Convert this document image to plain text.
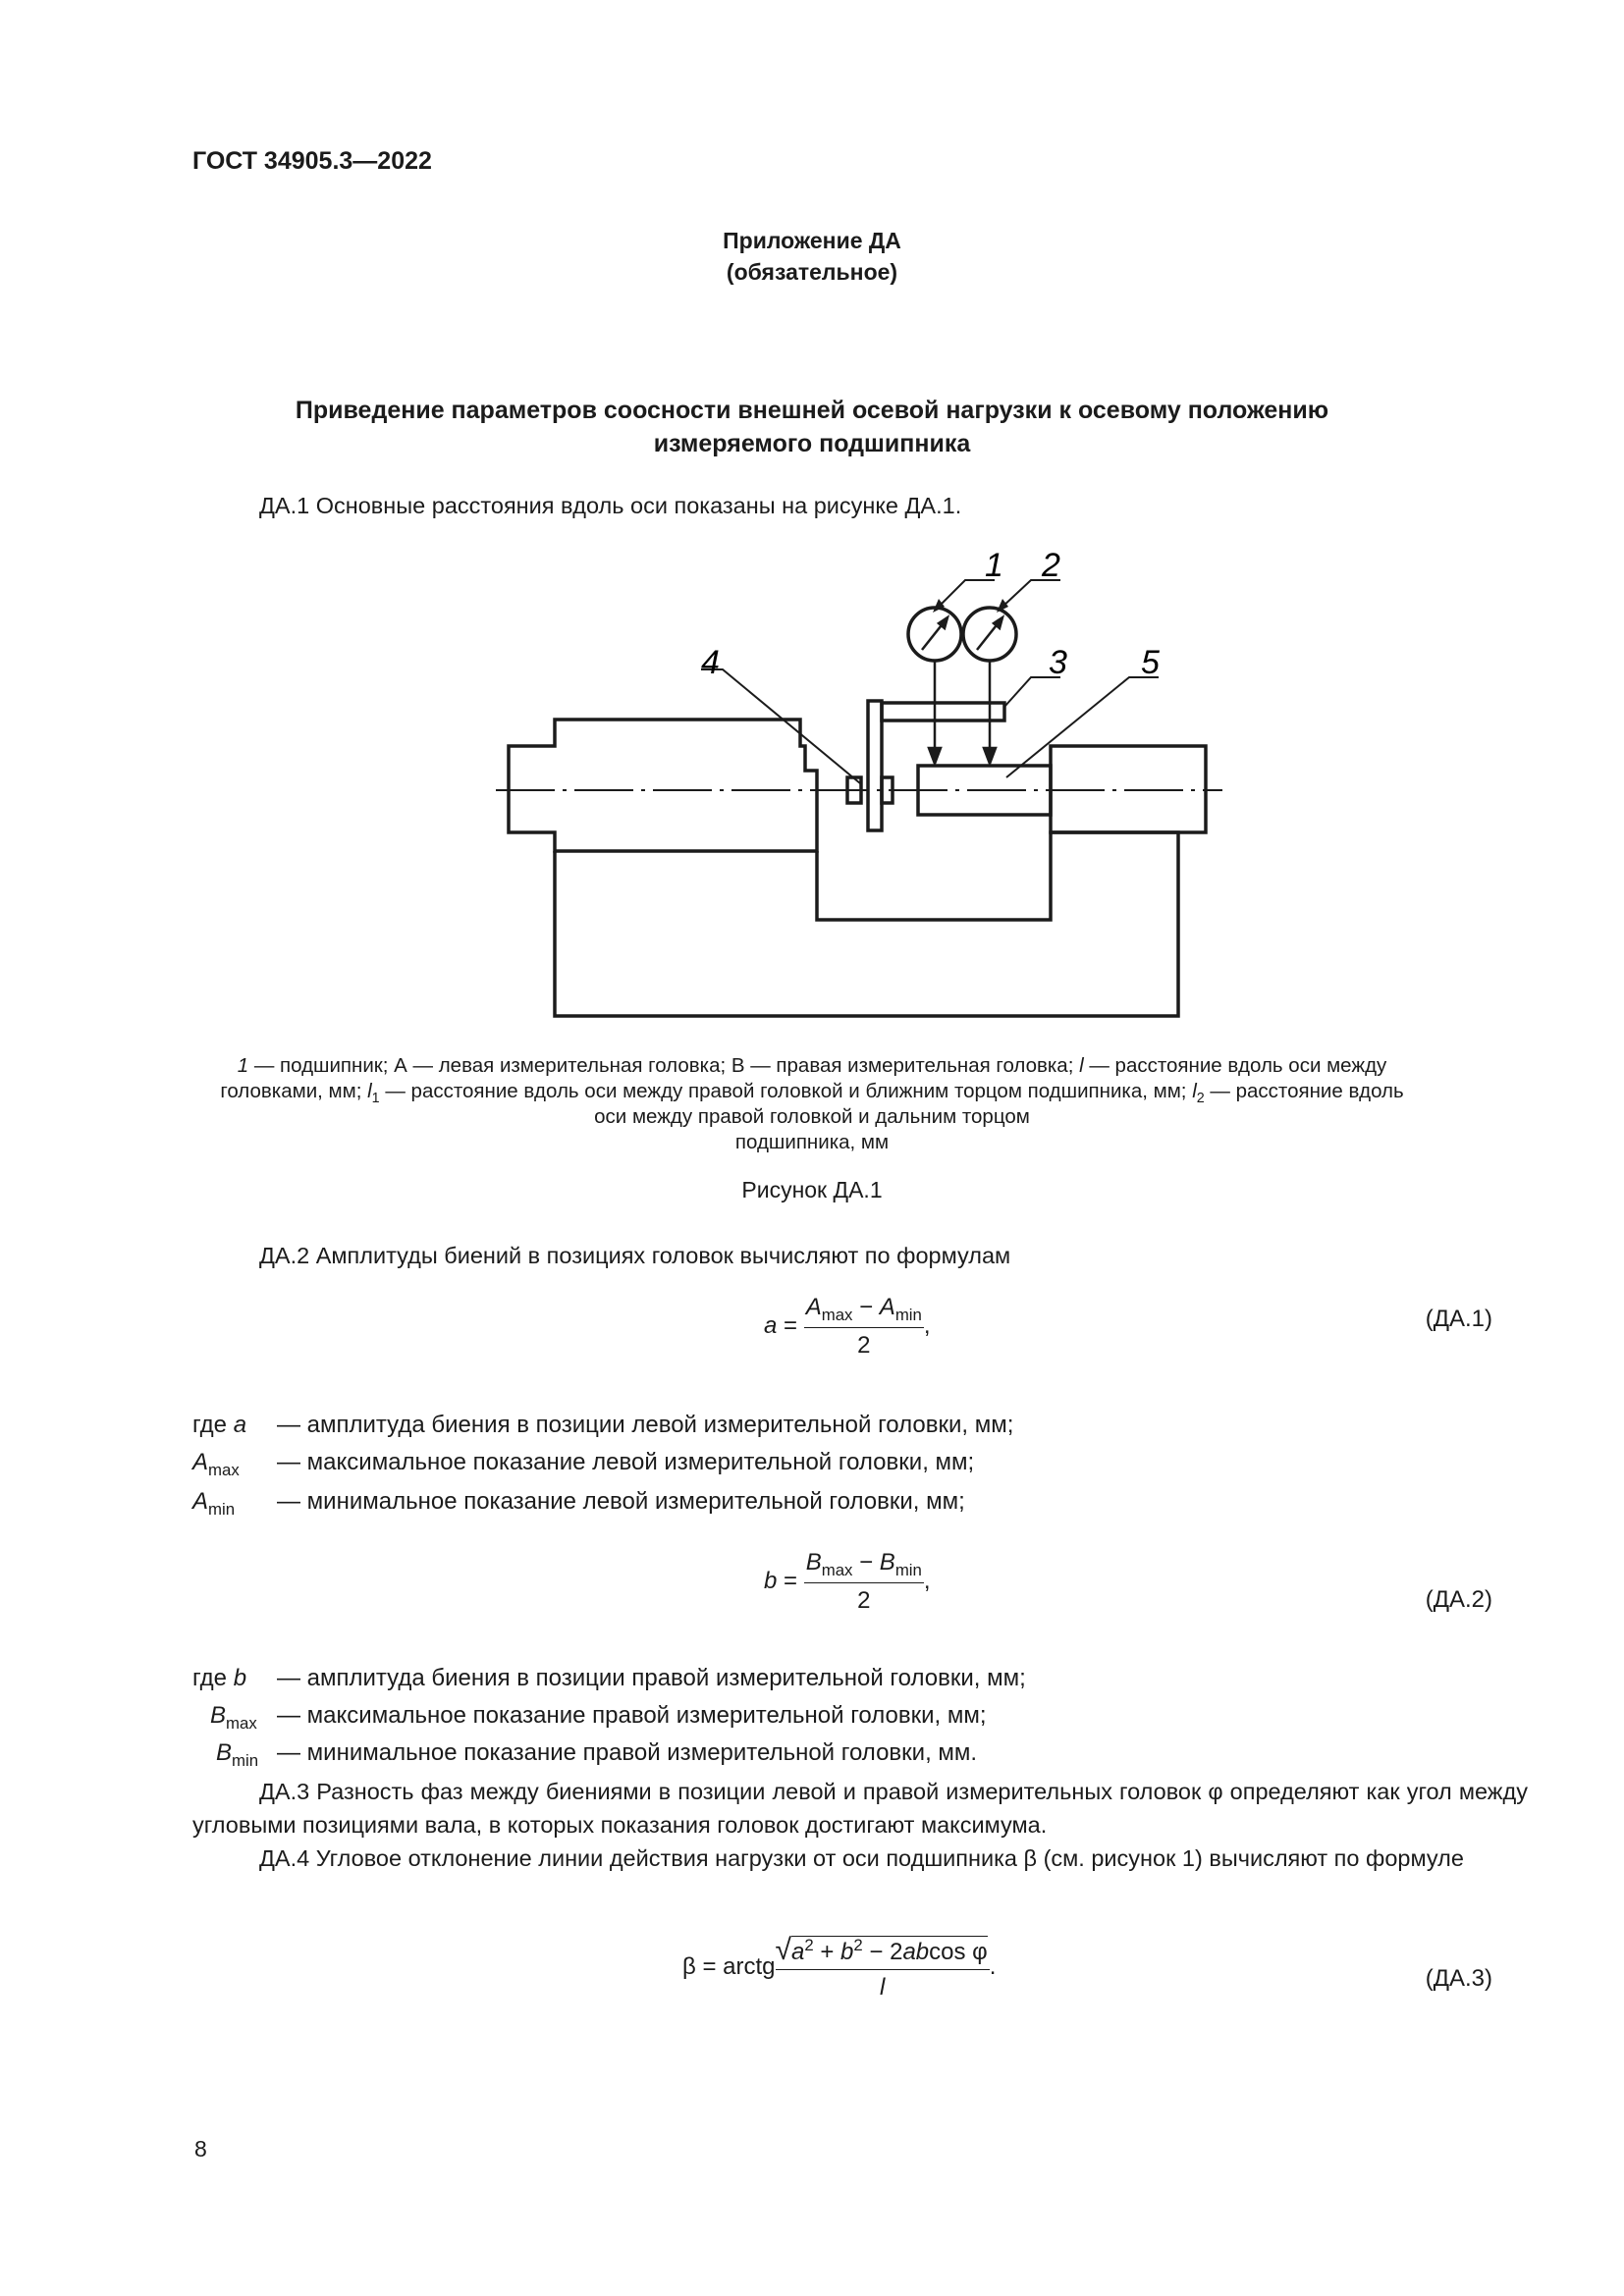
ГОСТ 34905.3—2022
Приложение ДА
(обязательное)
Приведение параметров соосности внешней осевой нагрузки к осевому положению
измеряемого подшипника
ДА.1 Основные расстояния вдоль оси показаны на рисунке ДА.1.
1 2
3
4	5
1 — подшипник; А — левая измерительная головка; В — правая измерительная головка; l — расстояние вдоль оси между
головками, мм; $l_1$ — расстояние вдоль оси между правой головкой и ближним торцом подшипника, мм; $l_2$ — расстояние вдоль
оси между правой головкой и дальним торцом
подшипника, мм
Рисунок ДА.1
ДА.2 Амплитуды биений в позициях головок вычисляют по формулам
$a = \frac{A_{max} - A_{min}}{2}$ ,	(ДА.1)
где a — амплитуда биения в позиции левой измерительной головки, мм;
$A_{max}$ — максимальное показание левой измерительной головки, мм;
$A_{min}$ — минимальное показание левой измерительной головки, мм;
$b = \frac{B_{max} - B_{min}}{2}$ ,
(ДА.2)
где b — амплитуда биения в позиции правой измерительной головки, мм;
$B_{max}$ — максимальное показание правой измерительной головки, мм;
$B_{min}$ — минимальное показание правой измерительной головки, мм.
ДА.3 Разность фаз между биениями в позиции левой и правой измерительных головок φ определяют как угол между угловыми позициями вала, в которых показания головок достигают максимума.
ДА.4 Угловое отклонение линии действия нагрузки от оси подшипника β (см. рисунок 1) вычисляют по формуле
β = arctg $\frac{√a^2 + b^2 - 2abcos \varphi}{l}$ .	(ДА.3)
8
